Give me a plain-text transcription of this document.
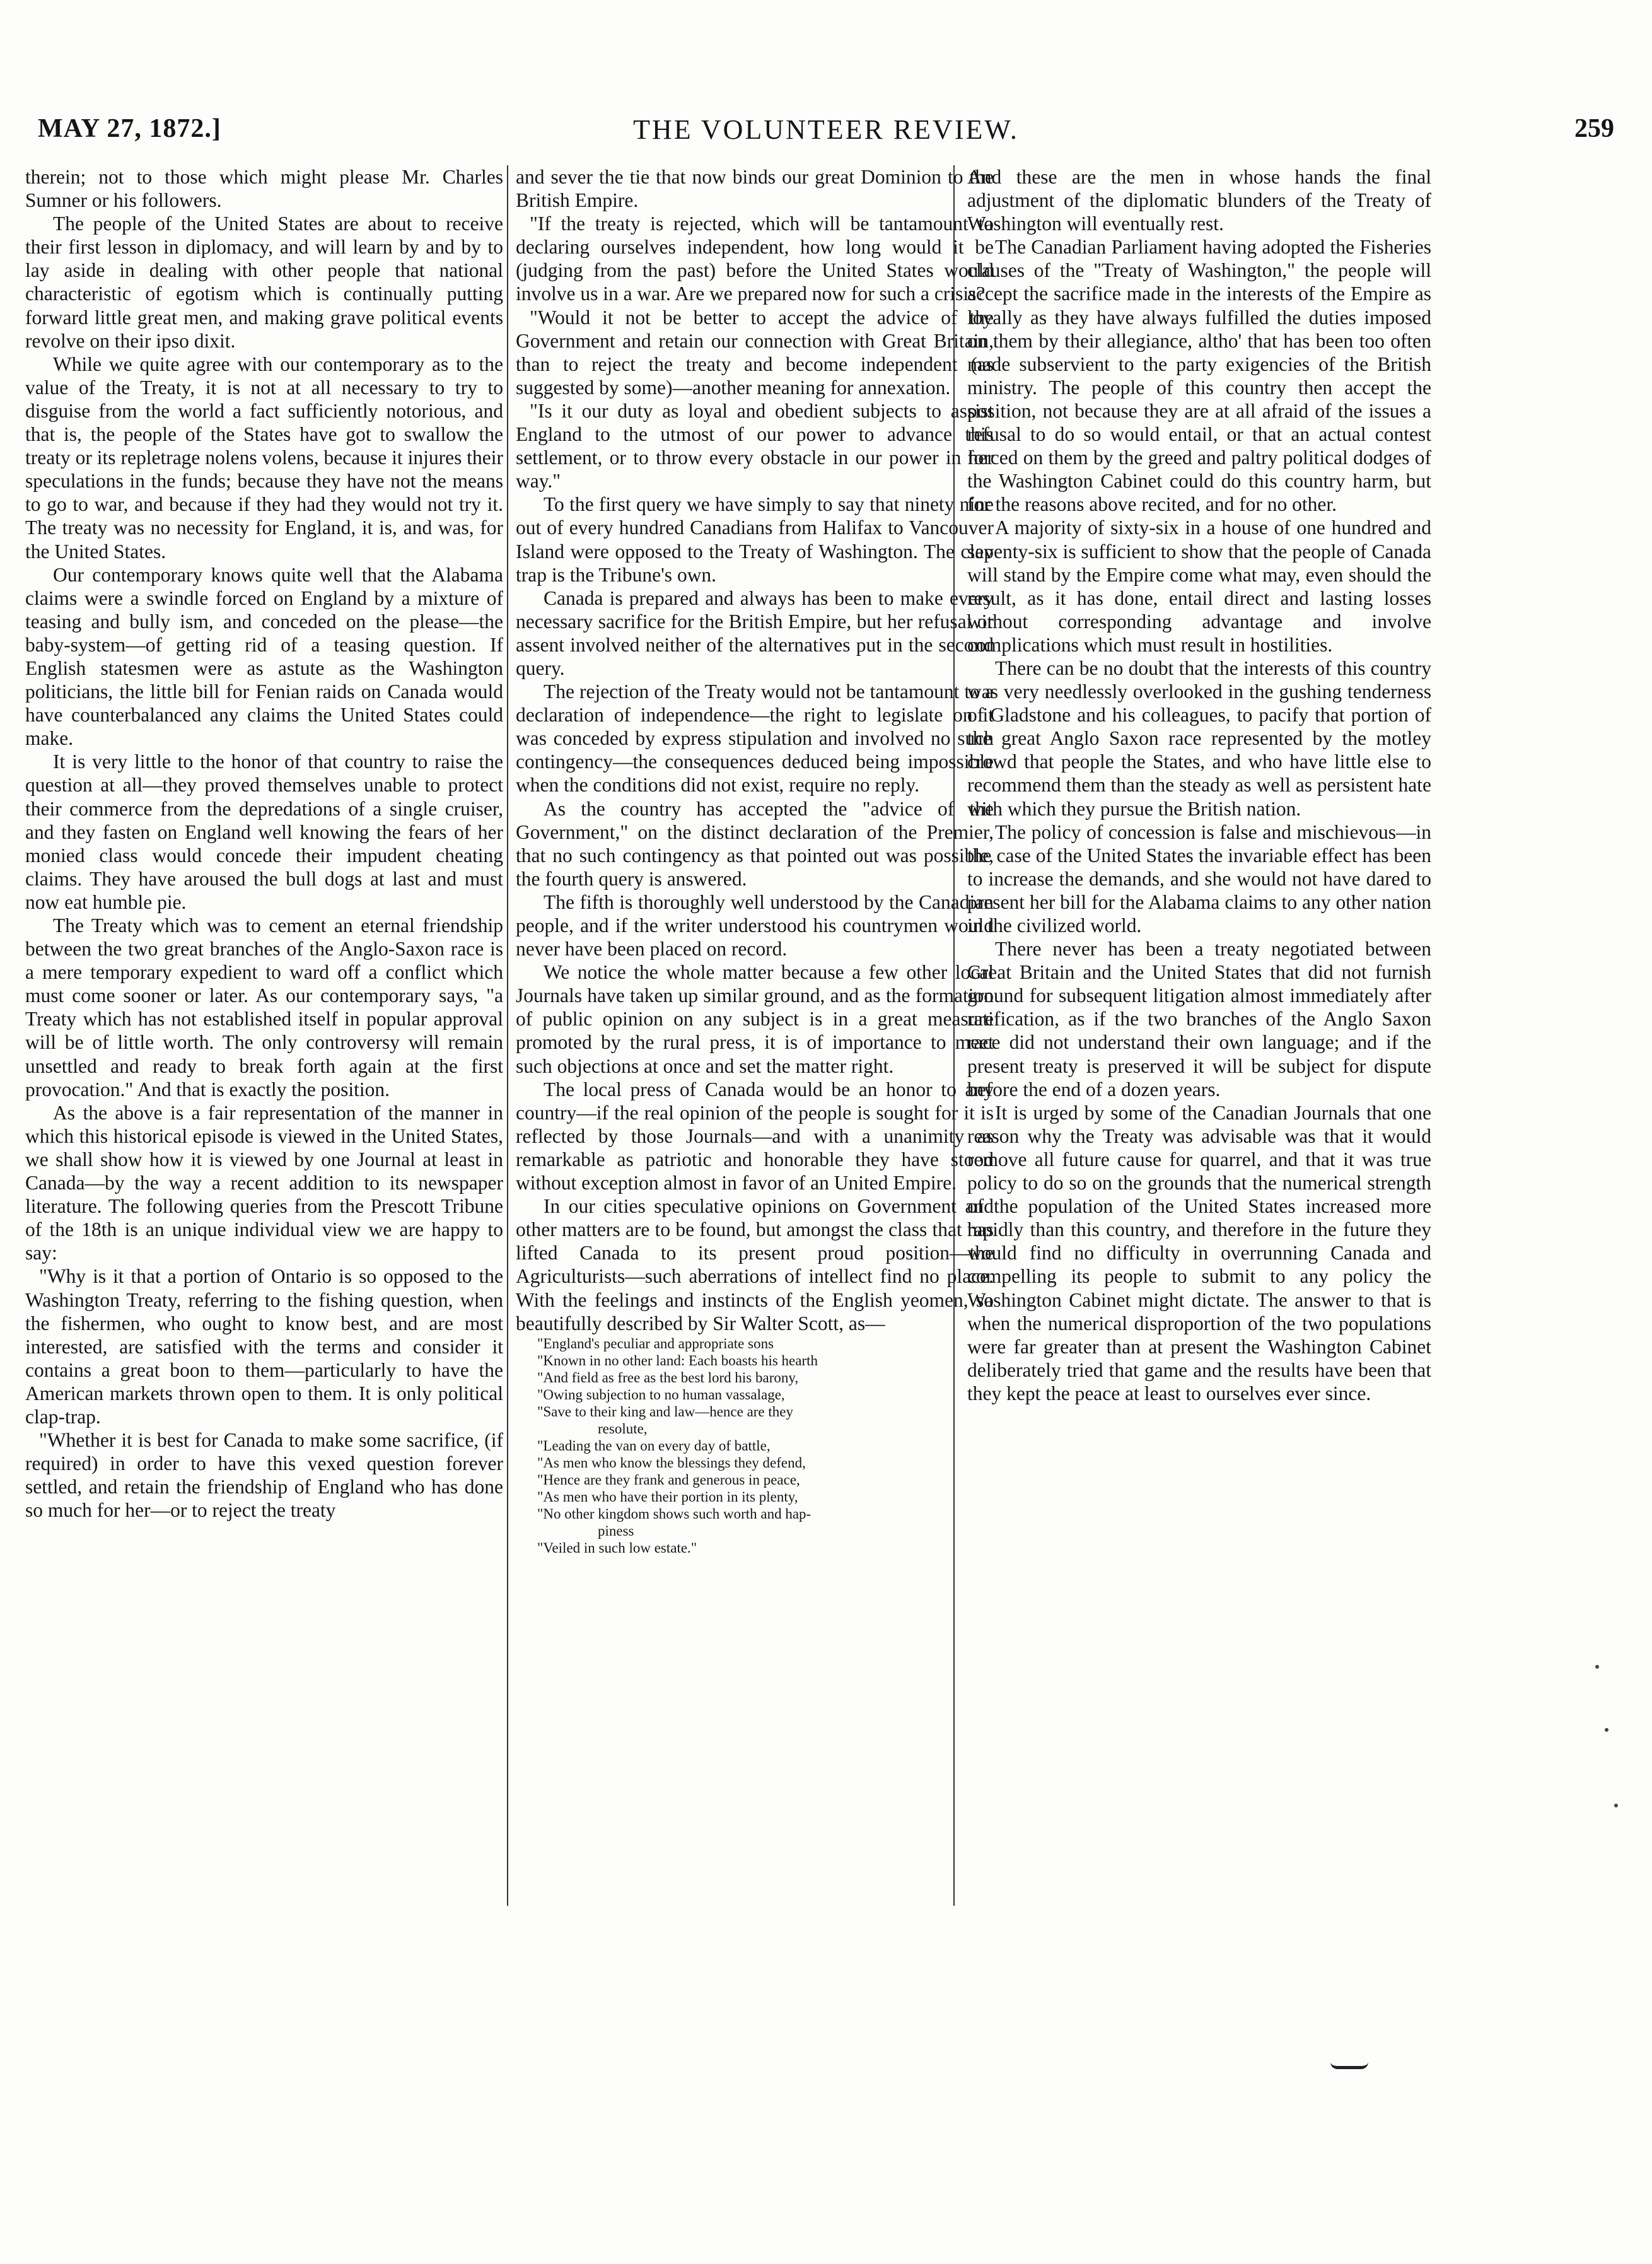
MAY 27, 1872.]	THE VOLUNTEER REVIEW.	259

therein; not to those which might please Mr. Charles Sumner or his followers.

The people of the United States are about to receive their first lesson in diplomacy, and will learn by and by to lay aside in dealing with other people that national characteristic of egotism which is continually putting forward little great men, and making grave political events revolve on their ipso dixit.

While we quite agree with our contemporary as to the value of the Treaty, it is not at all necessary to try to disguise from the world a fact sufficiently notorious, and that is, the people of the States have got to swallow the treaty or its repletrage nolens volens, because it injures their speculations in the funds; because they have not the means to go to war, and because if they had they would not try it. The treaty was no necessity for England, it is, and was, for the United States.

Our contemporary knows quite well that the Alabama claims were a swindle forced on England by a mixture of teasing and bully ism, and conceded on the please—the baby-system—of getting rid of a teasing question. If English statesmen were as astute as the Washington politicians, the little bill for Fenian raids on Canada would have counterbalanced any claims the United States could make.

It is very little to the honor of that country to raise the question at all—they proved themselves unable to protect their commerce from the depredations of a single cruiser, and they fasten on England well knowing the fears of her monied class would concede their impudent cheating claims. They have aroused the bull dogs at last and must now eat humble pie.

The Treaty which was to cement an eternal friendship between the two great branches of the Anglo-Saxon race is a mere temporary expedient to ward off a conflict which must come sooner or later. As our contemporary says, "a Treaty which has not established itself in popular approval will be of little worth. The only controversy will remain unsettled and ready to break forth again at the first provocation." And that is exactly the position.

As the above is a fair representation of the manner in which this historical episode is viewed in the United States, we shall show how it is viewed by one Journal at least in Canada—by the way a recent addition to its newspaper literature. The following queries from the Prescott Tribune of the 18th is an unique individual view we are happy to say:

"Why is it that a portion of Ontario is so opposed to the Washington Treaty, referring to the fishing question, when the fishermen, who ought to know best, and are most interested, are satisfied with the terms and consider it contains a great boon to them—particularly to have the American markets thrown open to them. It is only political clap-trap.

"Whether it is best for Canada to make some sacrifice, (if required) in order to have this vexed question forever settled, and retain the friendship of England who has done so much for her—or to reject the treaty

and sever the tie that now binds our great Dominion to the British Empire.

"If the treaty is rejected, which will be tantamount to declaring ourselves independent, how long would it be (judging from the past) before the United States would involve us in a war. Are we prepared now for such a crisis?

"Would it not be better to accept the advice of the Government and retain our connection with Great Britain, than to reject the treaty and become independent (as suggested by some)—another meaning for annexation.

"Is it our duty as loyal and obedient subjects to assist England to the utmost of our power to advance this settlement, or to throw every obstacle in our power in her way."

To the first query we have simply to say that ninety nine out of every hundred Canadians from Halifax to Vancouver Island were opposed to the Treaty of Washington. The clap trap is the Tribune's own.

Canada is prepared and always has been to make every necessary sacrifice for the British Empire, but her refusal or assent involved neither of the alternatives put in the second query.

The rejection of the Treaty would not be tantamount to a declaration of independence—the right to legislate on it was conceded by express stipulation and involved no such contingency—the consequences deduced being impossible when the conditions did not exist, require no reply.

As the country has accepted the "advice of the Government," on the distinct declaration of the Premier, that no such contingency as that pointed out was possible, the fourth query is answered.

The fifth is thoroughly well understood by the Canadian people, and if the writer understood his countrymen would never have been placed on record.

We notice the whole matter because a few other local Journals have taken up similar ground, and as the formation of public opinion on any subject is in a great measure promoted by the rural press, it is of importance to meet such objections at once and set the matter right.

The local press of Canada would be an honor to any country—if the real opinion of the people is sought for it is reflected by those Journals—and with a unanimity as remarkable as patriotic and honorable they have stood without exception almost in favor of an United Empire.

In our cities speculative opinions on Government and other matters are to be found, but amongst the class that has lifted Canada to its present proud position—the Agriculturists—such aberrations of intellect find no place. With the feelings and instincts of the English yeomen, so beautifully described by Sir Walter Scott, as—

"England's peculiar and appropriate sons

"Known in no other land: Each boasts his hearth

"And field as free as the best lord his barony,

"Owing subjection to no human vassalage,

"Save to their king and law—hence are they

resolute,

"Leading the van on every day of battle,

"As men who know the blessings they defend,

"Hence are they frank and generous in peace,

"As men who have their portion in its plenty,

"No other kingdom shows such worth and hap-

piness

"Veiled in such low estate."

And these are the men in whose hands the final adjustment of the diplomatic blunders of the Treaty of Washington will eventually rest.

The Canadian Parliament having adopted the Fisheries clauses of the "Treaty of Washington," the people will accept the sacrifice made in the interests of the Empire as loyally as they have always fulfilled the duties imposed on them by their allegiance, altho' that has been too often made subservient to the party exigencies of the British ministry. The people of this country then accept the position, not because they are at all afraid of the issues a refusal to do so would entail, or that an actual contest forced on them by the greed and paltry political dodges of the Washington Cabinet could do this country harm, but for the reasons above recited, and for no other.

A majority of sixty-six in a house of one hundred and seventy-six is sufficient to show that the people of Canada will stand by the Empire come what may, even should the result, as it has done, entail direct and lasting losses without corresponding advantage and involve complications which must result in hostilities.

There can be no doubt that the interests of this country was very needlessly overlooked in the gushing tenderness of Gladstone and his colleagues, to pacify that portion of the great Anglo Saxon race represented by the motley crowd that people the States, and who have little else to recommend them than the steady as well as persistent hate with which they pursue the British nation.

The policy of concession is false and mischievous—in the case of the United States the invariable effect has been to increase the demands, and she would not have dared to present her bill for the Alabama claims to any other nation in the civilized world.

There never has been a treaty negotiated between Great Britain and the United States that did not furnish ground for subsequent litigation almost immediately after ratification, as if the two branches of the Anglo Saxon race did not understand their own language; and if the present treaty is preserved it will be subject for dispute before the end of a dozen years.

It is urged by some of the Canadian Journals that one reason why the Treaty was advisable was that it would remove all future cause for quarrel, and that it was true policy to do so on the grounds that the numerical strength of the population of the United States increased more rapidly than this country, and therefore in the future they would find no difficulty in overrunning Canada and compelling its people to submit to any policy the Washington Cabinet might dictate. The answer to that is when the numerical disproportion of the two populations were far greater than at present the Washington Cabinet deliberately tried that game and the results have been that they kept the peace at least to ourselves ever since.
